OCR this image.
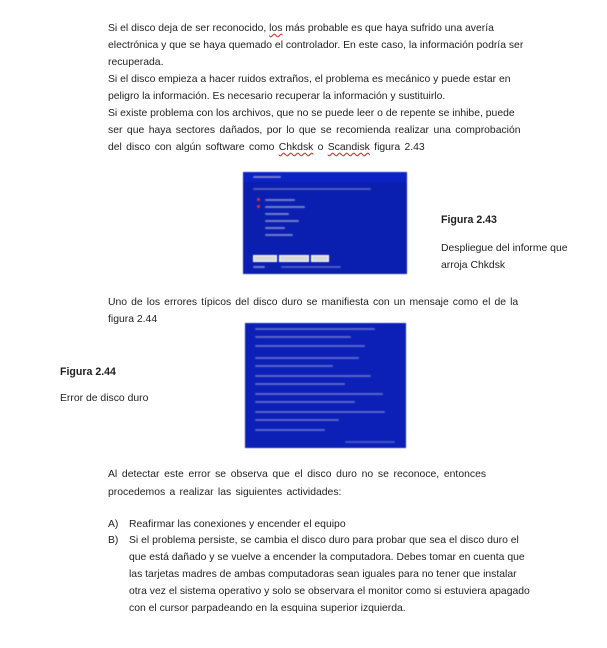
Si el disco deja de ser reconocido, los más probable es que haya sufrido una avería

electrónica y que se haya quemado el controlador. En este caso, la información podría ser

recuperada.

Si el disco empieza a hacer ruidos extraños, el problema es mecánico y puede estar en

peligro la información. Es necesario recuperar la información y sustituirlo.

Si existe problema con los archivos, que no se puede leer o de repente se inhibe, puede

ser que haya sectores dañados, por lo que se recomienda realizar una comprobación

del disco con algún software como Chkdsk o Scandisk figura 2.43

Figura 2.43

Despliegue del informe que

arroja Chkdsk

Uno de los errores típicos del disco duro se manifiesta con un mensaje como el de la

figura 2.44

Figura 2.44

Error de disco duro

Al detectar este error se observa que el disco duro no se reconoce, entonces

procedemos a realizar las siguientes actividades:

A) Reafirmar las conexiones y encender el equipo

B) Si el problema persiste, se cambia el disco duro para probar que sea el disco duro el

que está dañado y se vuelve a encender la computadora. Debes tomar en cuenta que

las tarjetas madres de ambas computadoras sean iguales para no tener que instalar

otra vez el sistema operativo y solo se observara el monitor como si estuviera apagado

con el cursor parpadeando en la esquina superior izquierda.
